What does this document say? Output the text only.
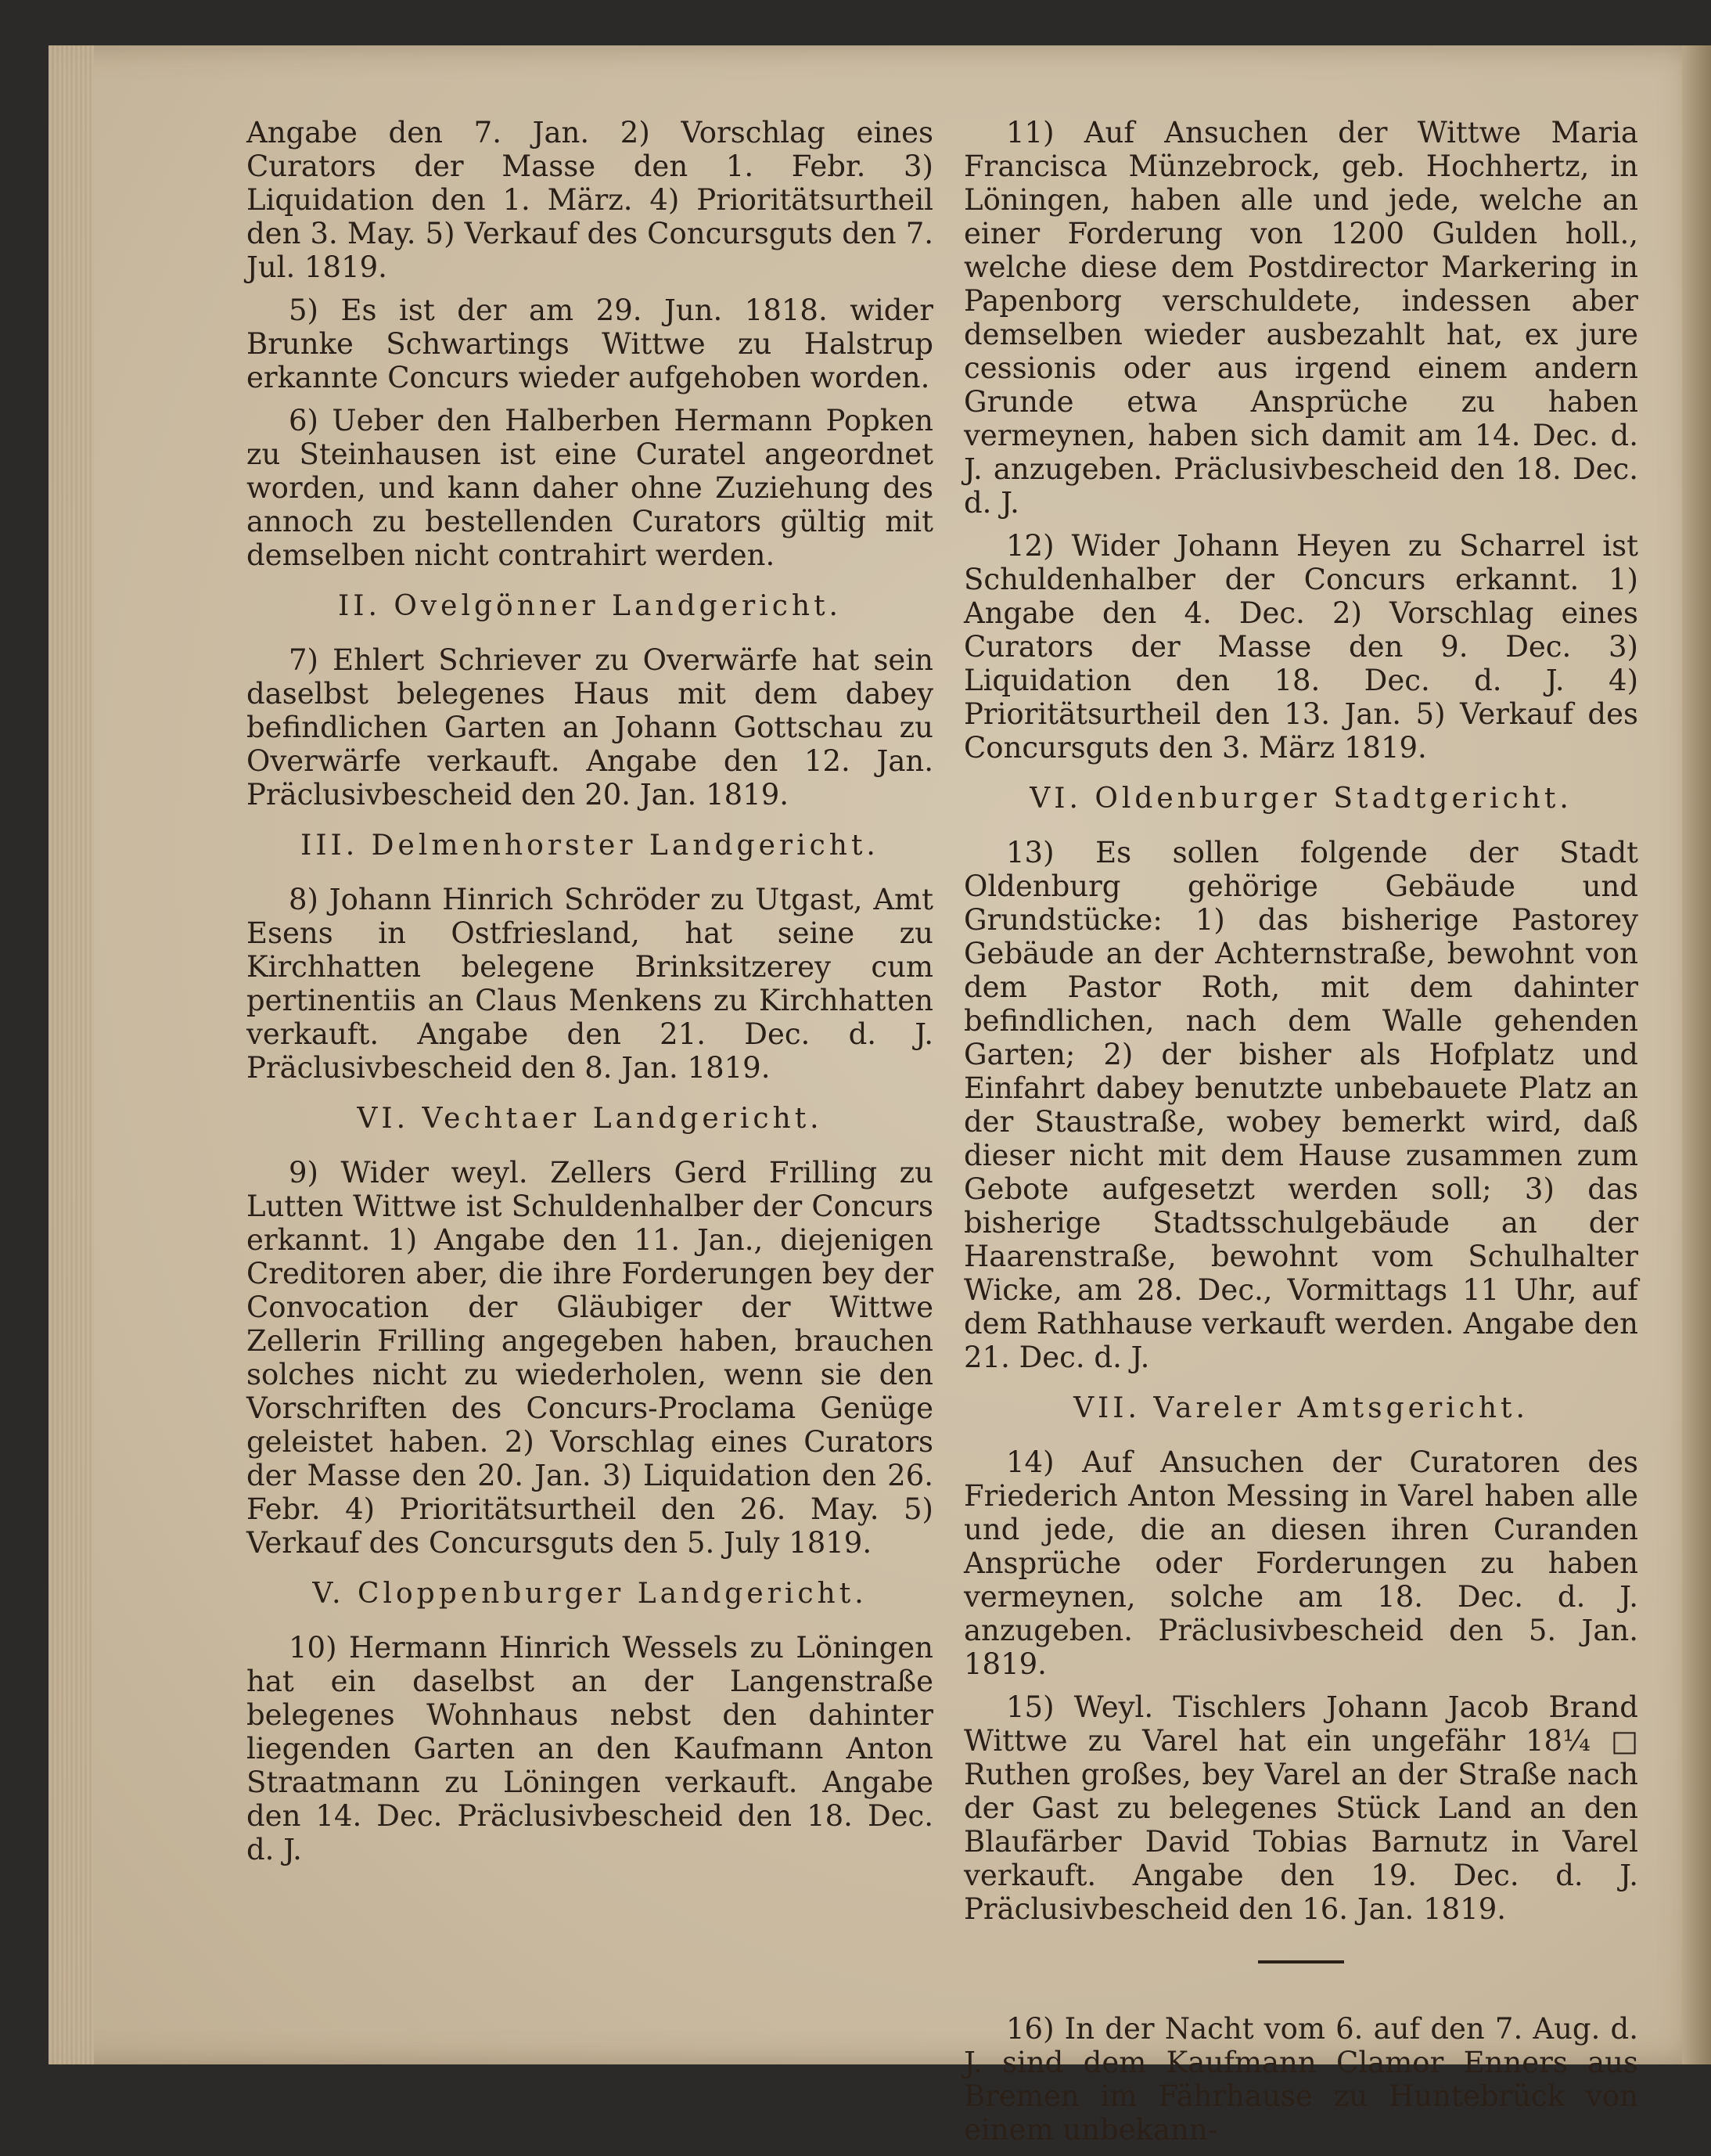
Angabe den 7. Jan. 2) Vorschlag eines Curators der Masse den 1. Febr. 3) Liquidation den 1. März. 4) Prioritätsurtheil den 3. May. 5) Verkauf des Concursguts den 7. Jul. 1819.

5) Es ist der am 29. Jun. 1818. wider Brunke Schwartings Wittwe zu Halstrup erkannte Concurs wieder aufgehoben worden.

6) Ueber den Halberben Hermann Popken zu Steinhausen ist eine Curatel angeordnet worden, und kann daher ohne Zuziehung des annoch zu bestellenden Curators gültig mit demselben nicht contrahirt werden.

II. Ovelgönner Landgericht.

7) Ehlert Schriever zu Overwärfe hat sein daselbst belegenes Haus mit dem dabey befindlichen Garten an Johann Gottschau zu Overwärfe verkauft. Angabe den 12. Jan. Präclusivbescheid den 20. Jan. 1819.

III. Delmenhorster Landgericht.

8) Johann Hinrich Schröder zu Utgast, Amt Esens in Ostfriesland, hat seine zu Kirchhatten belegene Brinksitzerey cum pertinentiis an Claus Menkens zu Kirchhatten verkauft. Angabe den 21. Dec. d. J. Präclusivbescheid den 8. Jan. 1819.

VI. Vechtaer Landgericht.

9) Wider weyl. Zellers Gerd Frilling zu Lutten Wittwe ist Schuldenhalber der Concurs erkannt. 1) Angabe den 11. Jan., diejenigen Creditoren aber, die ihre Forderungen bey der Convocation der Gläubiger der Wittwe Zellerin Frilling angegeben haben, brauchen solches nicht zu wiederholen, wenn sie den Vorschriften des Concurs-Proclama Genüge geleistet haben. 2) Vorschlag eines Curators der Masse den 20. Jan. 3) Liquidation den 26. Febr. 4) Prioritätsurtheil den 26. May. 5) Verkauf des Concursguts den 5. July 1819.

V. Cloppenburger Landgericht.

10) Hermann Hinrich Wessels zu Löningen hat ein daselbst an der Langenstraße belegenes Wohnhaus nebst den dahinter liegenden Garten an den Kaufmann Anton Straatmann zu Löningen verkauft. Angabe den 14. Dec. Präclusivbescheid den 18. Dec. d. J.

11) Auf Ansuchen der Wittwe Maria Francisca Münzebrock, geb. Hochhertz, in Löningen, haben alle und jede, welche an einer Forderung von 1200 Gulden holl., welche diese dem Postdirector Markering in Papenborg verschuldete, indessen aber demselben wieder ausbezahlt hat, ex jure cessionis oder aus irgend einem andern Grunde etwa Ansprüche zu haben vermeynen, haben sich damit am 14. Dec. d. J. anzugeben. Präclusivbescheid den 18. Dec. d. J.

12) Wider Johann Heyen zu Scharrel ist Schuldenhalber der Concurs erkannt. 1) Angabe den 4. Dec. 2) Vorschlag eines Curators der Masse den 9. Dec. 3) Liquidation den 18. Dec. d. J. 4) Prioritätsurtheil den 13. Jan. 5) Verkauf des Concursguts den 3. März 1819.

VI. Oldenburger Stadtgericht.

13) Es sollen folgende der Stadt Oldenburg gehörige Gebäude und Grundstücke: 1) das bisherige Pastorey Gebäude an der Achternstraße, bewohnt von dem Pastor Roth, mit dem dahinter befindlichen, nach dem Walle gehenden Garten; 2) der bisher als Hofplatz und Einfahrt dabey benutzte unbebauete Platz an der Staustraße, wobey bemerkt wird, daß dieser nicht mit dem Hause zusammen zum Gebote aufgesetzt werden soll; 3) das bisherige Stadtsschulgebäude an der Haarenstraße, bewohnt vom Schulhalter Wicke, am 28. Dec., Vormittags 11 Uhr, auf dem Rathhause verkauft werden. Angabe den 21. Dec. d. J.

VII. Vareler Amtsgericht.

14) Auf Ansuchen der Curatoren des Friederich Anton Messing in Varel haben alle und jede, die an diesen ihren Curanden Ansprüche oder Forderungen zu haben vermeynen, solche am 18. Dec. d. J. anzugeben. Präclusivbescheid den 5. Jan. 1819.

15) Weyl. Tischlers Johann Jacob Brand Wittwe zu Varel hat ein ungefähr 18¼ □ Ruthen großes, bey Varel an der Straße nach der Gast zu belegenes Stück Land an den Blaufärber David Tobias Barnutz in Varel verkauft. Angabe den 19. Dec. d. J. Präclusivbescheid den 16. Jan. 1819.

16) In der Nacht vom 6. auf den 7. Aug. d. J. sind dem Kaufmann Clamor Enners aus Bremen im Fährhause zu Huntebrück von einem unbekann-
